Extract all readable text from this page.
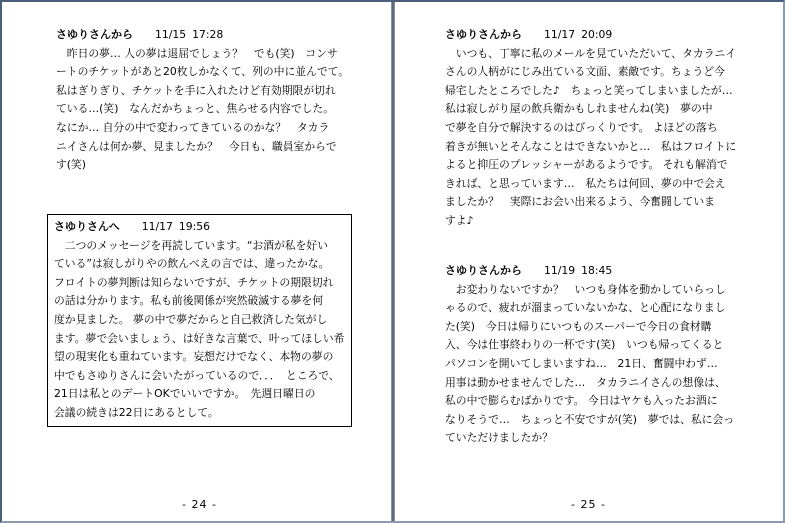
さゆりさんから 11/15 17:28
　昨日の夢… 人の夢は退屈でしょう？　でも(笑)　コンサ
ートのチケットがあと20枚しかなくて、列の中に並んでて。
私はぎりぎり、チケットを手に入れたけど有効期限が切れ
ている…(笑)　なんだかちょっと、焦らせる内容でした。
なにか… 自分の中で変わってきているのかな？　タカラ
ニイさんは何か夢、見ましたか？　今日も、職員室からで
す(笑)
さゆりさんへ 11/17 19:56
　二つのメッセージを再読しています。“お酒が私を好い
ている”は寂しがりやの飲んべえの言では、違ったかな。
フロイトの夢判断は知らないですが、チケットの期限切れ
の話は分かります。私も前後関係が突然破滅する夢を何
度か見ました。 夢の中で夢だからと自己救済した気がし
ます。夢で会いましょう、は好きな言葉で、叶ってほしい希
望の現実化も重ねています。妄想だけでなく、本物の夢の
中でもさゆりさんに会いたがっているので．．．　ところで、
21日は私とのデートOKでいいですか。　先週日曜日の
会議の続きは22日にあるとして。
- 24 -
さゆりさんから 11/17 20:09
　いつも、丁寧に私のメールを見ていただいて、タカラニイ
さんの人柄がにじみ出ている文面、素敵です。ちょうど今
帰宅したところでした♪　ちょっと笑ってしまいましたが…
私は寂しがり屋の飲兵衛かもしれませんね(笑)　夢の中
で夢を自分で解決するのはびっくりです。 よほどの落ち
着きが無いとそんなことはできないかと…　私はフロイトに
よると抑圧のプレッシャーがあるようです。 それも解消で
きれば、と思っています…　私たちは何回、夢の中で会え
ましたか？　実際にお会い出来るよう、今奮闘していま
すよ♪
さゆりさんから 11/19 18:45
　お変わりないですか？　いつも身体を動かしていらっし
ゃるので、疲れが溜まっていないかな、と心配になりまし
た(笑)　今日は帰りにいつものスーパーで今日の食材購
入、今は仕事終わりの一杯です(笑)　いつも帰ってくると
パソコンを開いてしまいますね…　21日、奮闘中わず…
用事は動かせませんでした…　タカラニイさんの想像は、
私の中で膨らむばかりです。 今日はヤケも入ったお酒に
なりそうで…　ちょっと不安ですが(笑)　夢では、私に会っ
ていただけましたか？
- 25 -
